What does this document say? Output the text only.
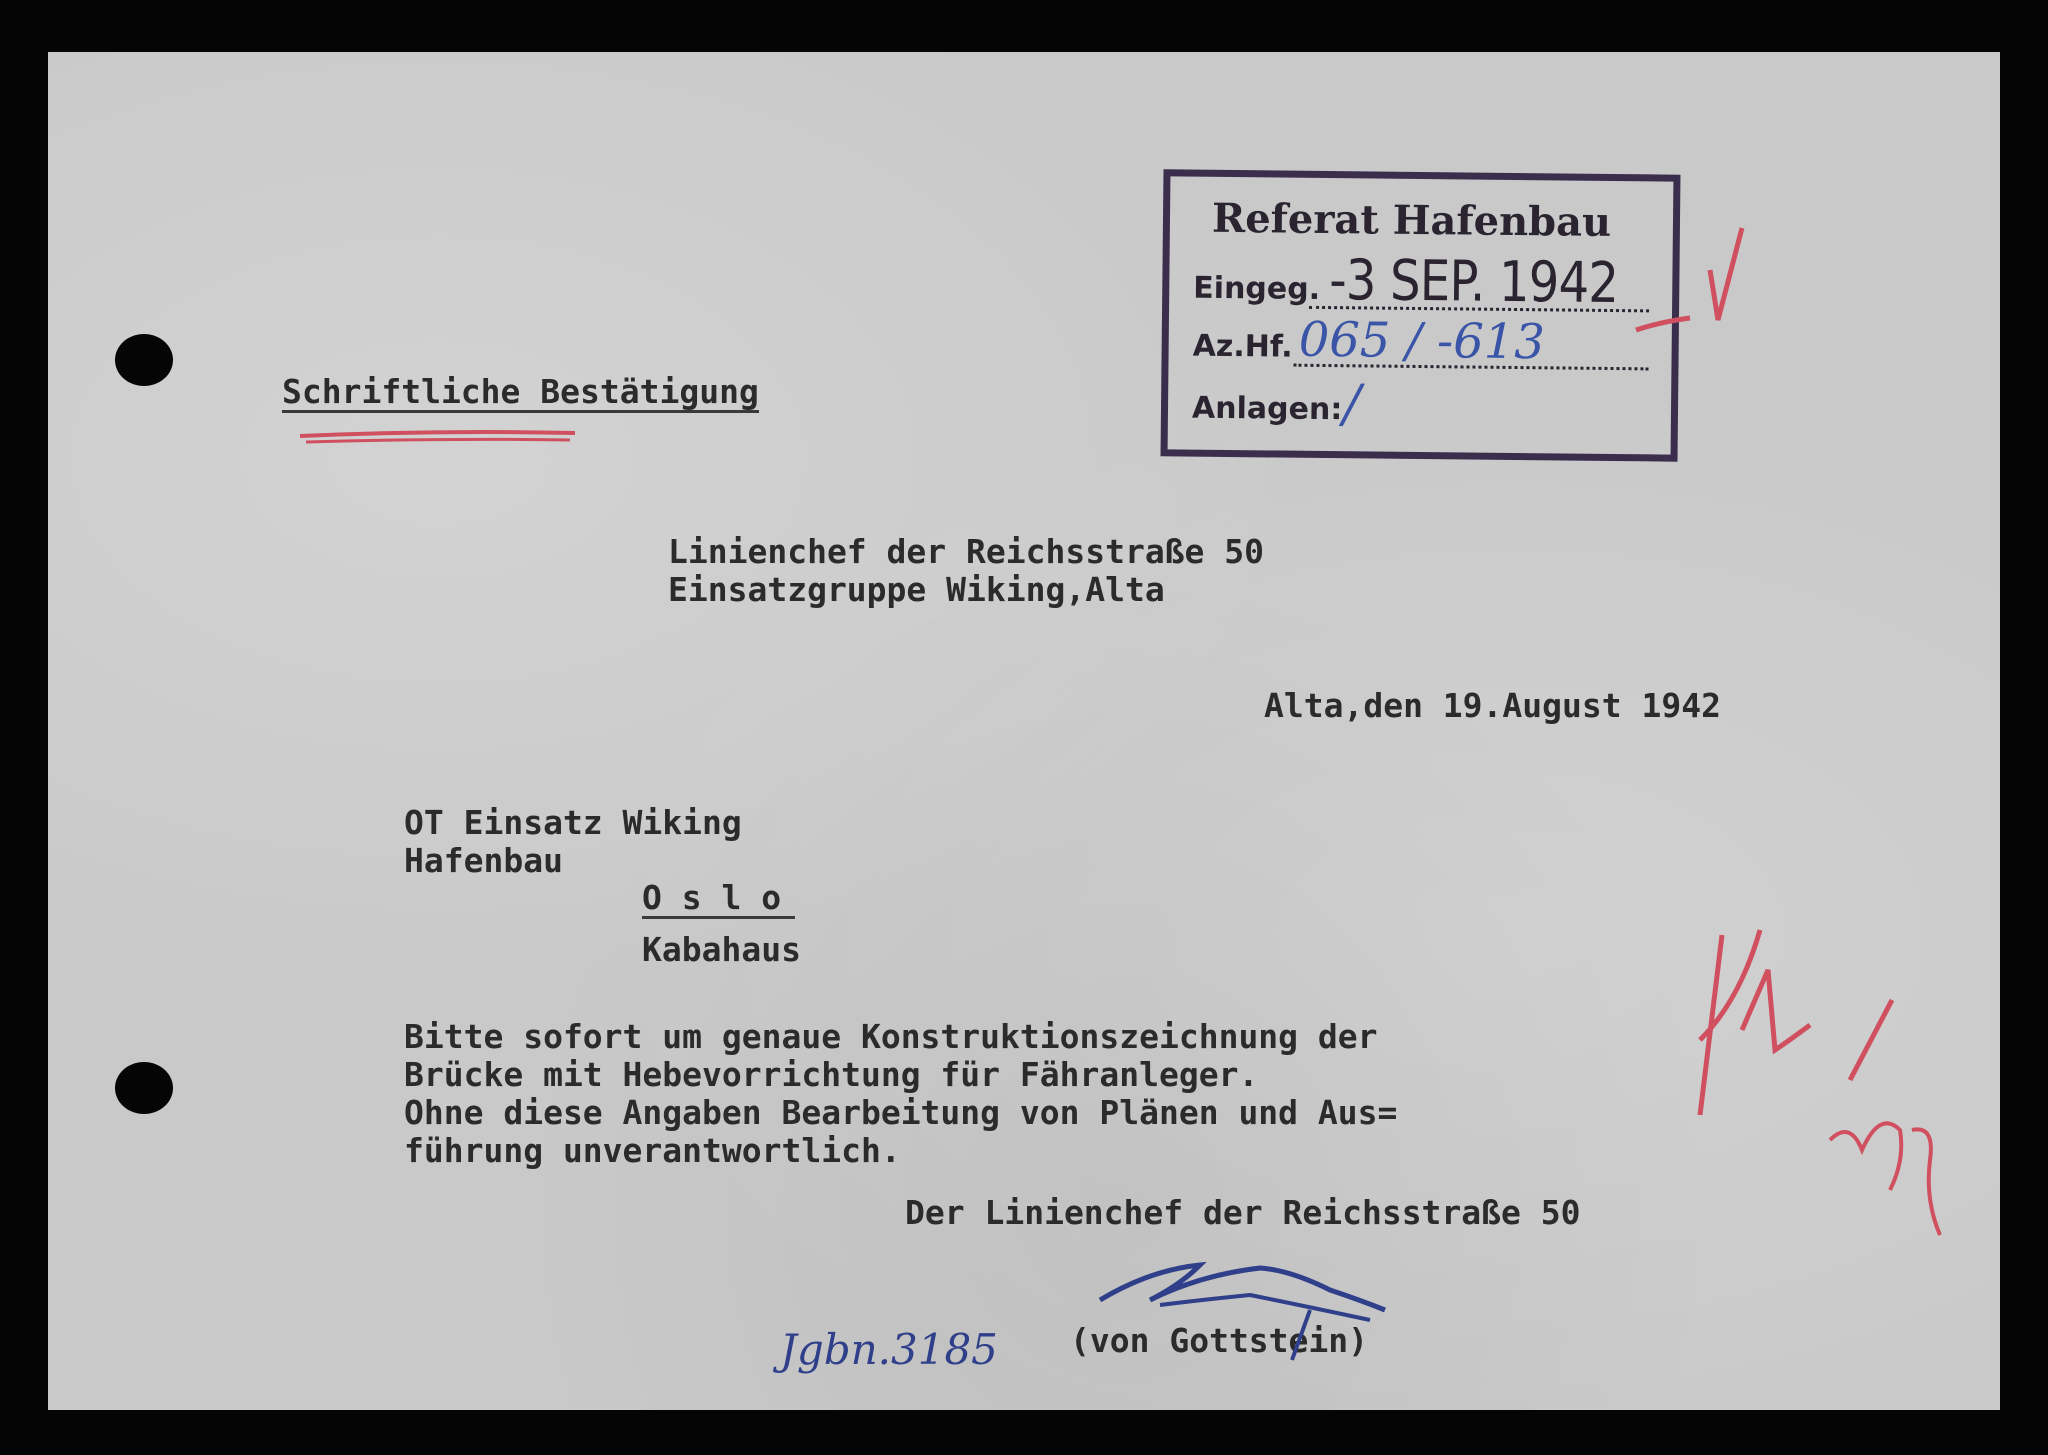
Referat Hafenbau
Eingeg. -3 SEP. 1942
Az.Hf. 065 / -613
Anlagen: /
Schriftliche Bestätigung
Linienchef der Reichsstraße 50
Einsatzgruppe Wiking,Alta
Alta,den 19.August 1942
OT Einsatz Wiking
Hafenbau
O s l o
Kabahaus
Bitte sofort um genaue Konstruktionszeichnung der
Brücke mit Hebevorrichtung für Fähranleger.
Ohne diese Angaben Bearbeitung von Plänen und Aus=
führung unverantwortlich.
Der Linienchef der Reichsstraße 50
(von Gottstein)
Jgbn.3185
